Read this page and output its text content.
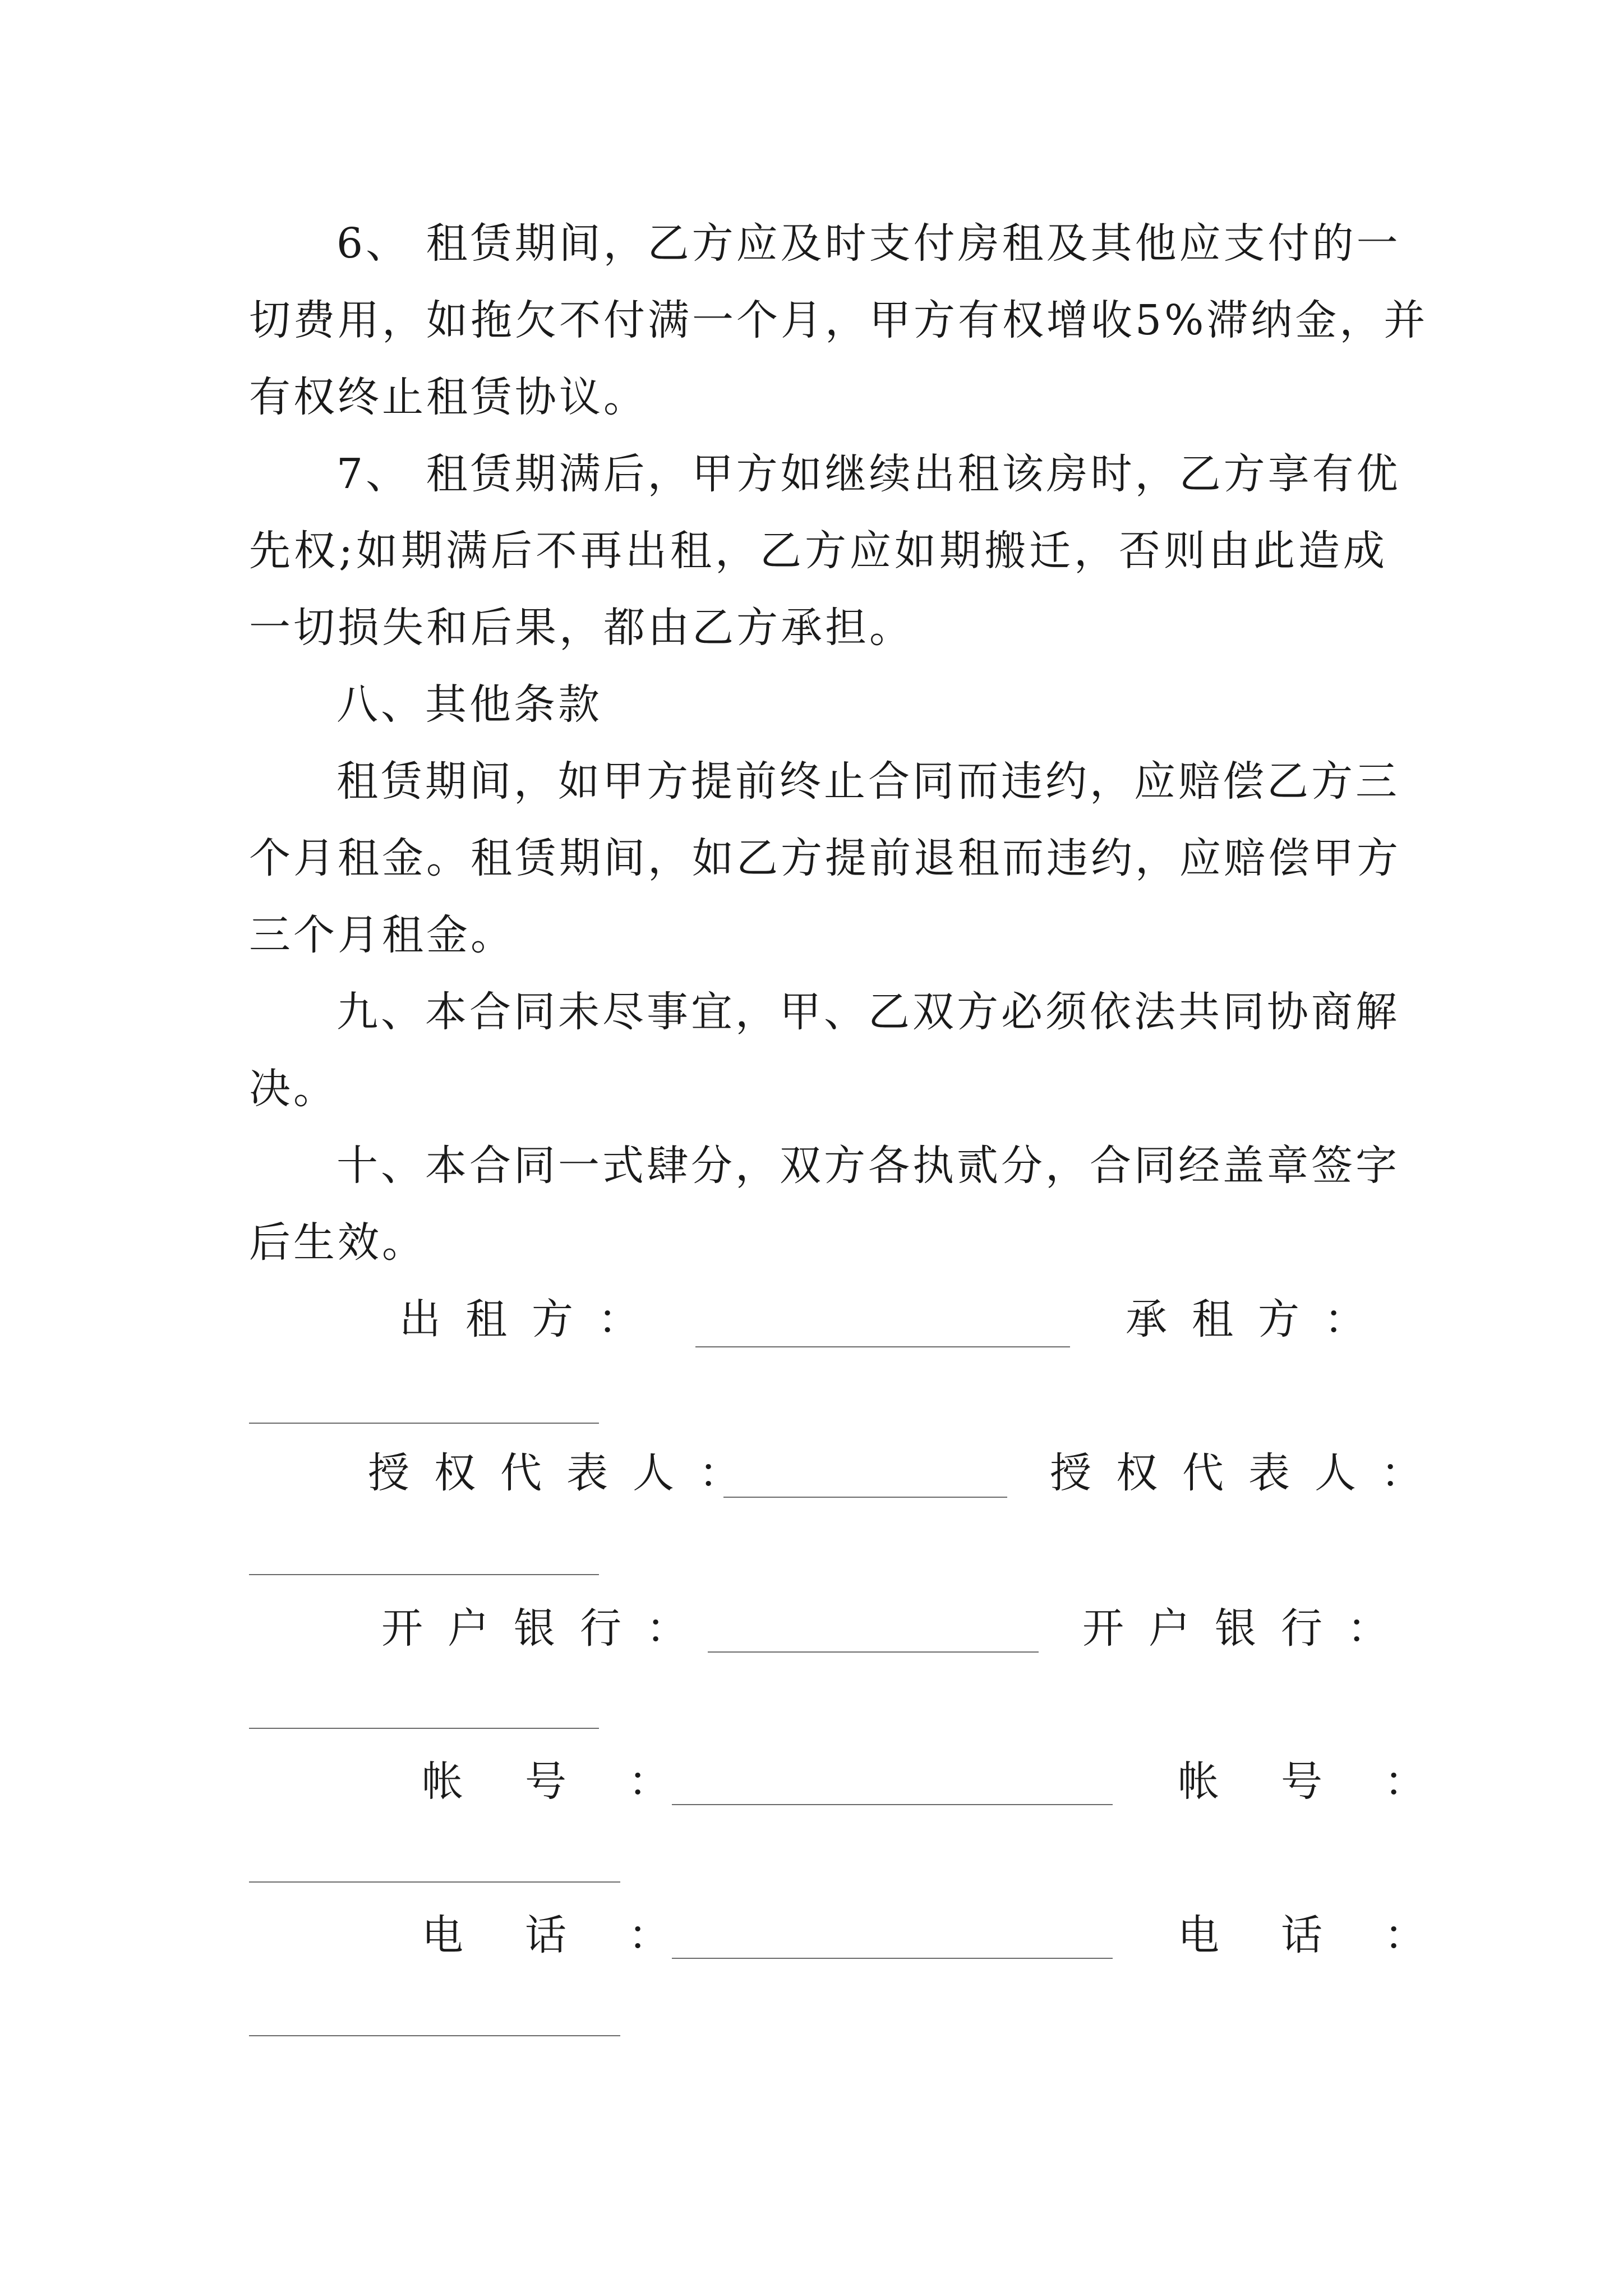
6、 租赁期间，乙方应及时支付房租及其他应支付的一
切费用，如拖欠不付满一个月，甲方有权增收5%滞纳金，并
有权终止租赁协议。
7、 租赁期满后，甲方如继续出租该房时，乙方享有优
先权;如期满后不再出租，乙方应如期搬迁，否则由此造成
一切损失和后果，都由乙方承担。
八、其他条款
租赁期间，如甲方提前终止合同而违约，应赔偿乙方三
个月租金。租赁期间，如乙方提前退租而违约，应赔偿甲方
三个月租金。
九、本合同未尽事宜，甲、乙双方必须依法共同协商解
决。
十、本合同一式肆分，双方各执贰分，合同经盖章签字
后生效。
出租方：	承租方：
授权代表人：	授权代表人：
开户银行：	开户银行：
帐号：	帐号：
电话：	电话：
